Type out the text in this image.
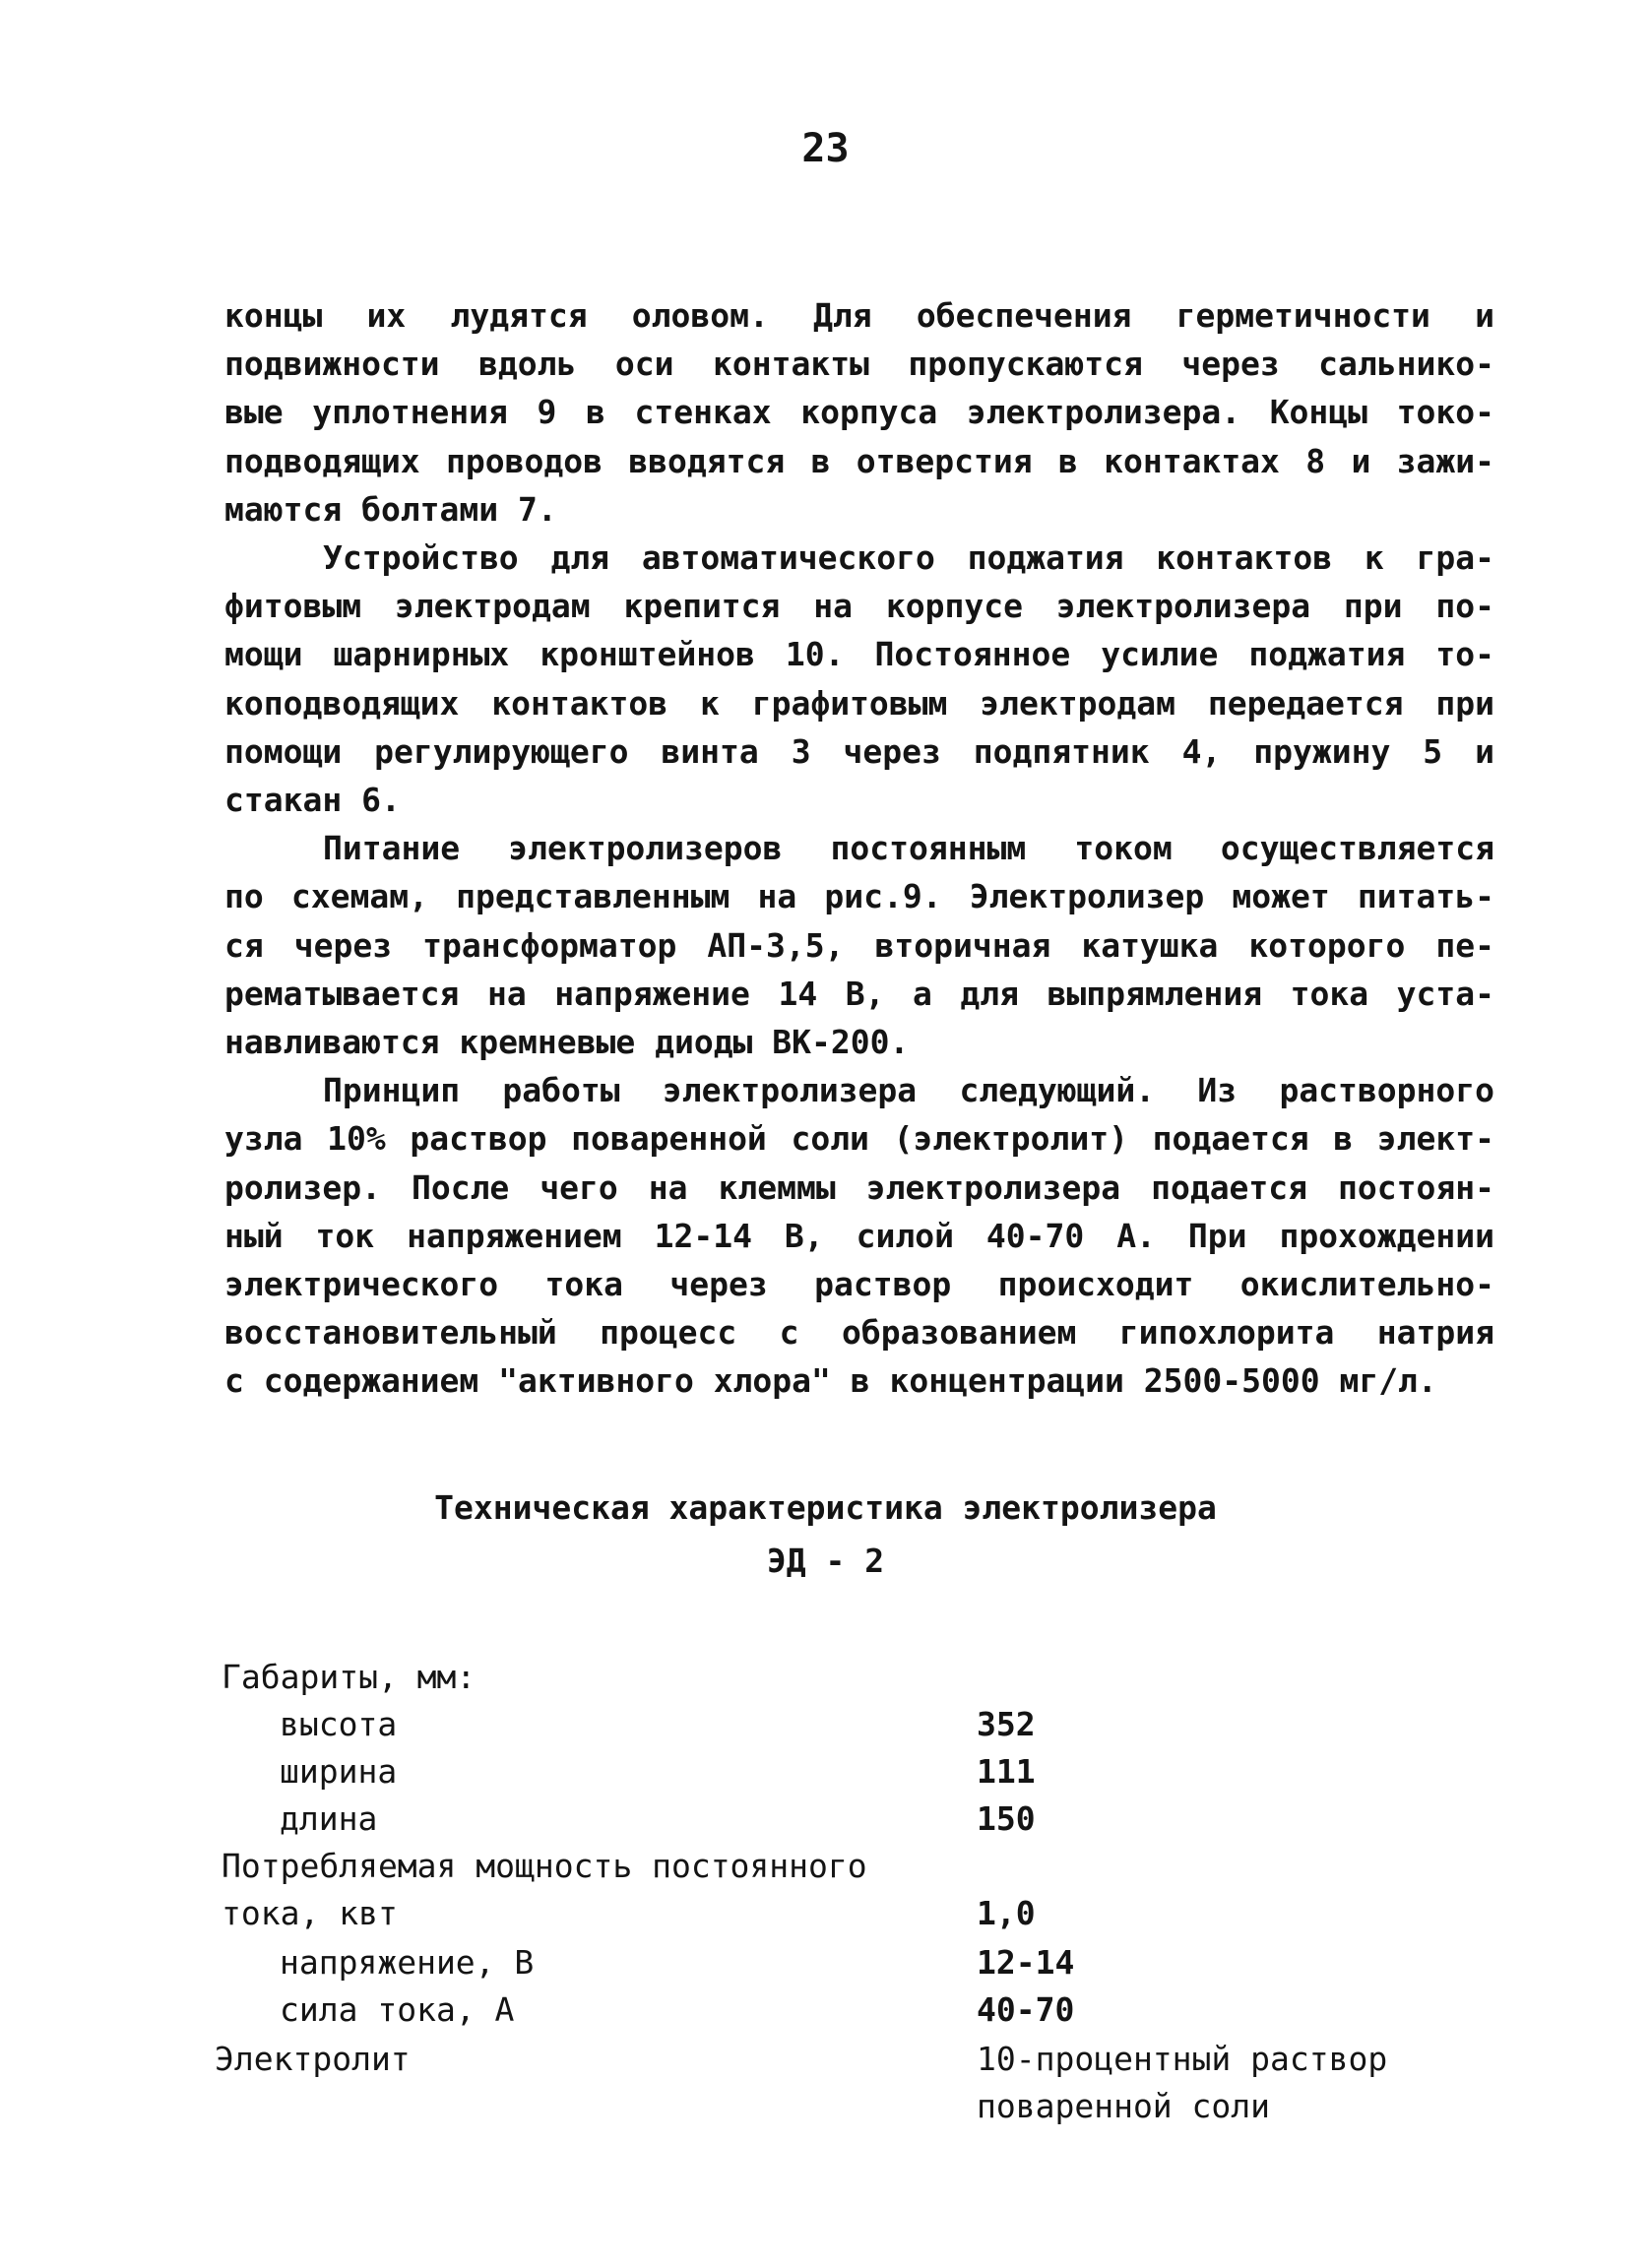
23
концы их лудятся оловом. Для обеспечения герметичности и
подвижности вдоль оси контакты пропускаются через сальнико-
вые уплотнения 9 в стенках корпуса электролизера. Концы токо-
подводящих проводов вводятся в отверстия в контактах 8 и зажи-
маются болтами 7.
Устройство для автоматического поджатия контактов к гра-
фитовым электродам крепится на корпусе электролизера при по-
мощи шарнирных кронштейнов 10. Постоянное усилие поджатия то-
коподводящих контактов к графитовым электродам передается при
помощи регулирующего винта 3 через подпятник 4, пружину 5 и
стакан 6.
Питание электролизеров постоянным током осуществляется
по схемам, представленным на рис.9. Электролизер может питать-
ся через трансформатор АП-3,5, вторичная катушка которого пе-
рематывается на напряжение 14 В, а для выпрямления тока уста-
навливаются кремневые диоды ВК-200.
Принцип работы электролизера следующий. Из растворного
узла 10% раствор поваренной соли (электролит) подается в элект-
ролизер. После чего на клеммы электролизера подается постоян-
ный ток напряжением 12-14 В, силой 40-70 А. При прохождении
электрического тока через раствор происходит окислительно-
восстановительный процесс с образованием гипохлорита натрия
с содержанием "активного хлора" в концентрации 2500-5000 мг/л.
Техническая характеристика электролизера
ЭД - 2
Габариты, мм:
высота	352
ширина	111
длина	150
Потребляемая мощность постоянного
тока, квт	1,0
напряжение, В	12-14
сила тока, А	40-70
Электролит	10-процентный раствор
поваренной соли
